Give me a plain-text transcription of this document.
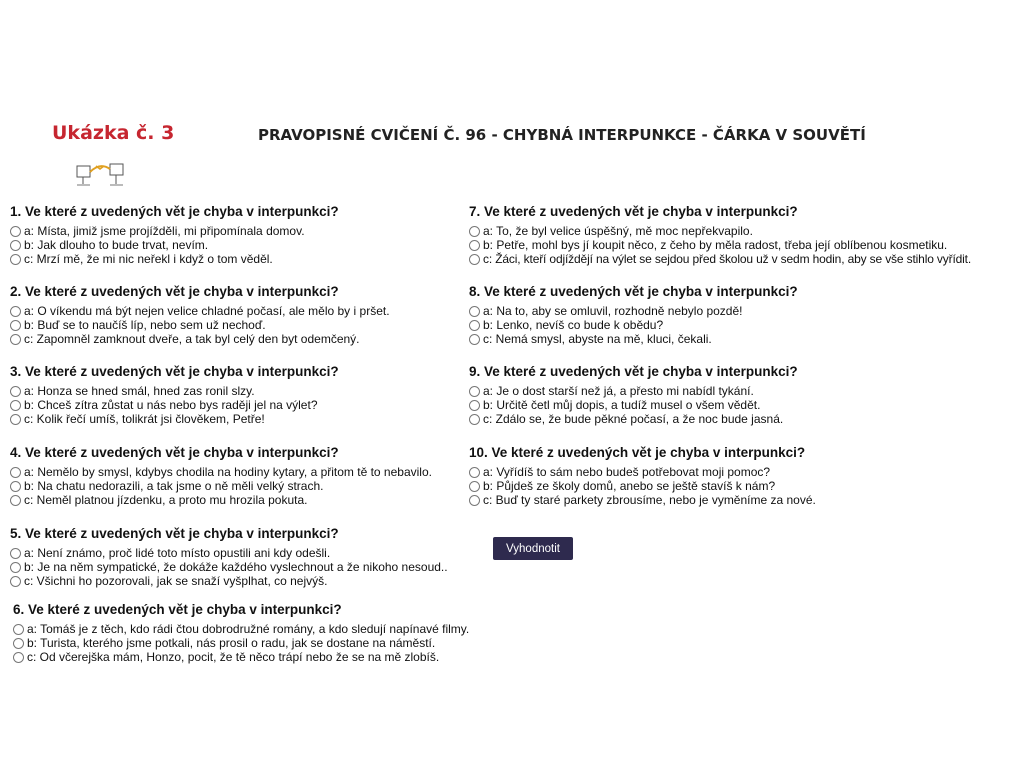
Ukázka č. 3	PRAVOPISNÉ CVIČENÍ Č. 96 - CHYBNÁ INTERPUNKCE - ČÁRKA V SOUVĚTÍ
1. Ve které z uvedených vět je chyba v interpunkci?
a: Místa, jimiž jsme projížděli, mi připomínala domov.
b: Jak dlouho to bude trvat, nevím.
c: Mrzí mě, že mi nic neřekl i když o tom věděl.
2. Ve které z uvedených vět je chyba v interpunkci?
a: O víkendu má být nejen velice chladné počasí, ale mělo by i pršet.
b: Buď se to naučíš líp, nebo sem už nechoď.
c: Zapomněl zamknout dveře, a tak byl celý den byt odemčený.
3. Ve které z uvedených vět je chyba v interpunkci?
a: Honza se hned smál, hned zas ronil slzy.
b: Chceš zítra zůstat u nás nebo bys raději jel na výlet?
c: Kolik řečí umíš, tolikrát jsi člověkem, Petře!
4. Ve které z uvedených vět je chyba v interpunkci?
a: Nemělo by smysl, kdybys chodila na hodiny kytary, a přitom tě to nebavilo.
b: Na chatu nedorazili, a tak jsme o ně měli velký strach.
c: Neměl platnou jízdenku, a proto mu hrozila pokuta.
5. Ve které z uvedených vět je chyba v interpunkci?
a: Není známo, proč lidé toto místo opustili ani kdy odešli.
b: Je na něm sympatické, že dokáže každého vyslechnout a že nikoho nesoud..
c: Všichni ho pozorovali, jak se snaží vyšplhat, co nejvýš.
6. Ve které z uvedených vět je chyba v interpunkci?
a: Tomáš je z těch, kdo rádi čtou dobrodružné romány, a kdo sledují napínavé filmy.
b: Turista, kterého jsme potkali, nás prosil o radu, jak se dostane na náměstí.
c: Od včerejška mám, Honzo, pocit, že tě něco trápí nebo že se na mě zlobíš.
7. Ve které z uvedených vět je chyba v interpunkci?
a: To, že byl velice úspěšný, mě moc nepřekvapilo.
b: Petře, mohl bys jí koupit něco, z čeho by měla radost, třeba její oblíbenou kosmetiku.
c: Žáci, kteří odjíždějí na výlet se sejdou před školou už v sedm hodin, aby se vše stihlo vyřídit.
8. Ve které z uvedených vět je chyba v interpunkci?
a: Na to, aby se omluvil, rozhodně nebylo pozdě!
b: Lenko, nevíš co bude k obědu?
c: Nemá smysl, abyste na mě, kluci, čekali.
9. Ve které z uvedených vět je chyba v interpunkci?
a: Je o dost starší než já, a přesto mi nabídl tykání.
b: Určitě četl můj dopis, a tudíž musel o všem vědět.
c: Zdálo se, že bude pěkné počasí, a že noc bude jasná.
10. Ve které z uvedených vět je chyba v interpunkci?
a: Vyřídíš to sám nebo budeš potřebovat moji pomoc?
b: Půjdeš ze školy domů, anebo se ještě stavíš k nám?
c: Buď ty staré parkety zbrousíme, nebo je vyměníme za nové.
Vyhodnotit
